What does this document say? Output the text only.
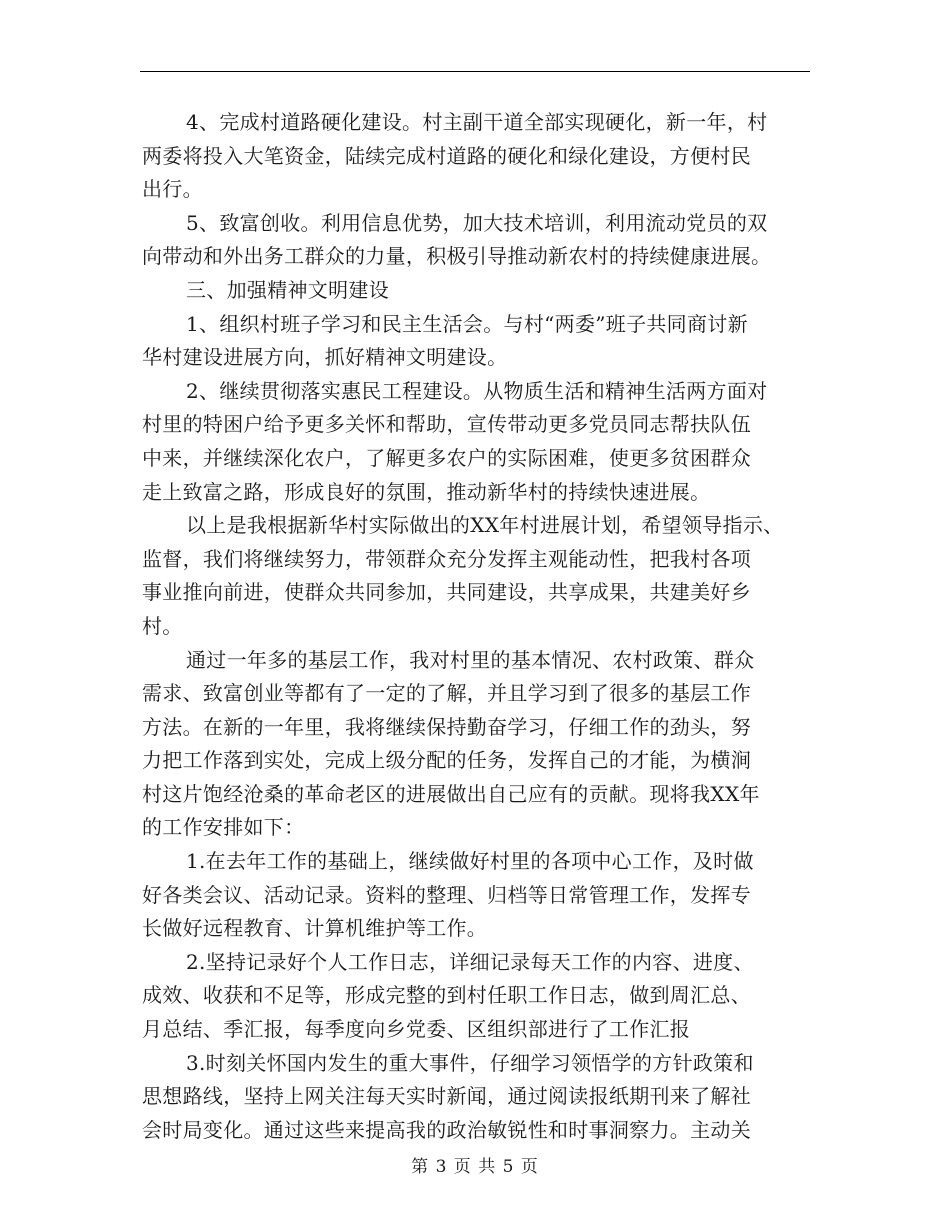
4、完成村道路硬化建设。村主副干道全部实现硬化，新一年，村
两委将投入大笔资金，陆续完成村道路的硬化和绿化建设，方便村民
出行。
5、致富创收。利用信息优势，加大技术培训，利用流动党员的双
向带动和外出务工群众的力量，积极引导推动新农村的持续健康进展。
三、加强精神文明建设
1、组织村班子学习和民主生活会。与村“两委”班子共同商讨新
华村建设进展方向，抓好精神文明建设。
2、继续贯彻落实惠民工程建设。从物质生活和精神生活两方面对
村里的特困户给予更多关怀和帮助，宣传带动更多党员同志帮扶队伍
中来，并继续深化农户，了解更多农户的实际困难，使更多贫困群众
走上致富之路，形成良好的氛围，推动新华村的持续快速进展。
以上是我根据新华村实际做出的XX年村进展计划，希望领导指示、
监督，我们将继续努力，带领群众充分发挥主观能动性，把我村各项
事业推向前进，使群众共同参加，共同建设，共享成果，共建美好乡
村。
通过一年多的基层工作，我对村里的基本情况、农村政策、群众
需求、致富创业等都有了一定的了解，并且学习到了很多的基层工作
方法。在新的一年里，我将继续保持勤奋学习，仔细工作的劲头，努
力把工作落到实处，完成上级分配的任务，发挥自己的才能，为横涧
村这片饱经沧桑的革命老区的进展做出自己应有的贡献。现将我XX年
的工作安排如下：
1.在去年工作的基础上，继续做好村里的各项中心工作，及时做
好各类会议、活动记录。资料的整理、归档等日常管理工作，发挥专
长做好远程教育、计算机维护等工作。
2.坚持记录好个人工作日志，详细记录每天工作的内容、进度、
成效、收获和不足等，形成完整的到村任职工作日志，做到周汇总、
月总结、季汇报，每季度向乡党委、区组织部进行了工作汇报
3.时刻关怀国内发生的重大事件，仔细学习领悟学的方针政策和
思想路线，坚持上网关注每天实时新闻，通过阅读报纸期刊来了解社
会时局变化。通过这些来提高我的政治敏锐性和时事洞察力。主动关
第 3 页 共 5 页
